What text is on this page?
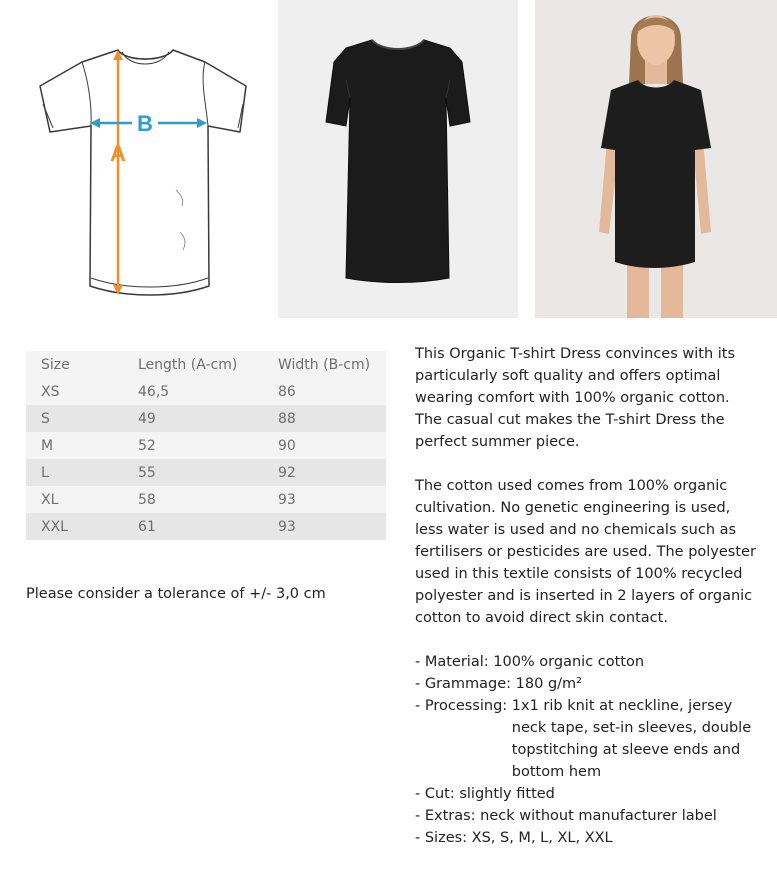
A
B
Size	Length (A-cm)	Width (B-cm)
XS	46,5	86
S	49	88
M	52	90
L	55	92
XL	58	93
XXL	61	93
Please consider a tolerance of +/- 3,0 cm

This Organic T-shirt Dress convinces with its particularly soft quality and offers optimal wearing comfort with 100% organic cotton. The casual cut makes the T-shirt Dress the perfect summer piece.

The cotton used comes from 100% organic cultivation. No genetic engineering is used, less water is used and no chemicals such as fertilisers or pesticides are used. The polyester used in this textile consists of 100% recycled polyester and is inserted in 2 layers of organic cotton to avoid direct skin contact.

- Material: 100% organic cotton
- Grammage: 180 g/m²
- Processing: 1x1 rib knit at neckline, jersey neck tape, set-in sleeves, double topstitching at sleeve ends and bottom hem
- Cut: slightly fitted
- Extras: neck without manufacturer label
- Sizes: XS, S, M, L, XL, XXL
